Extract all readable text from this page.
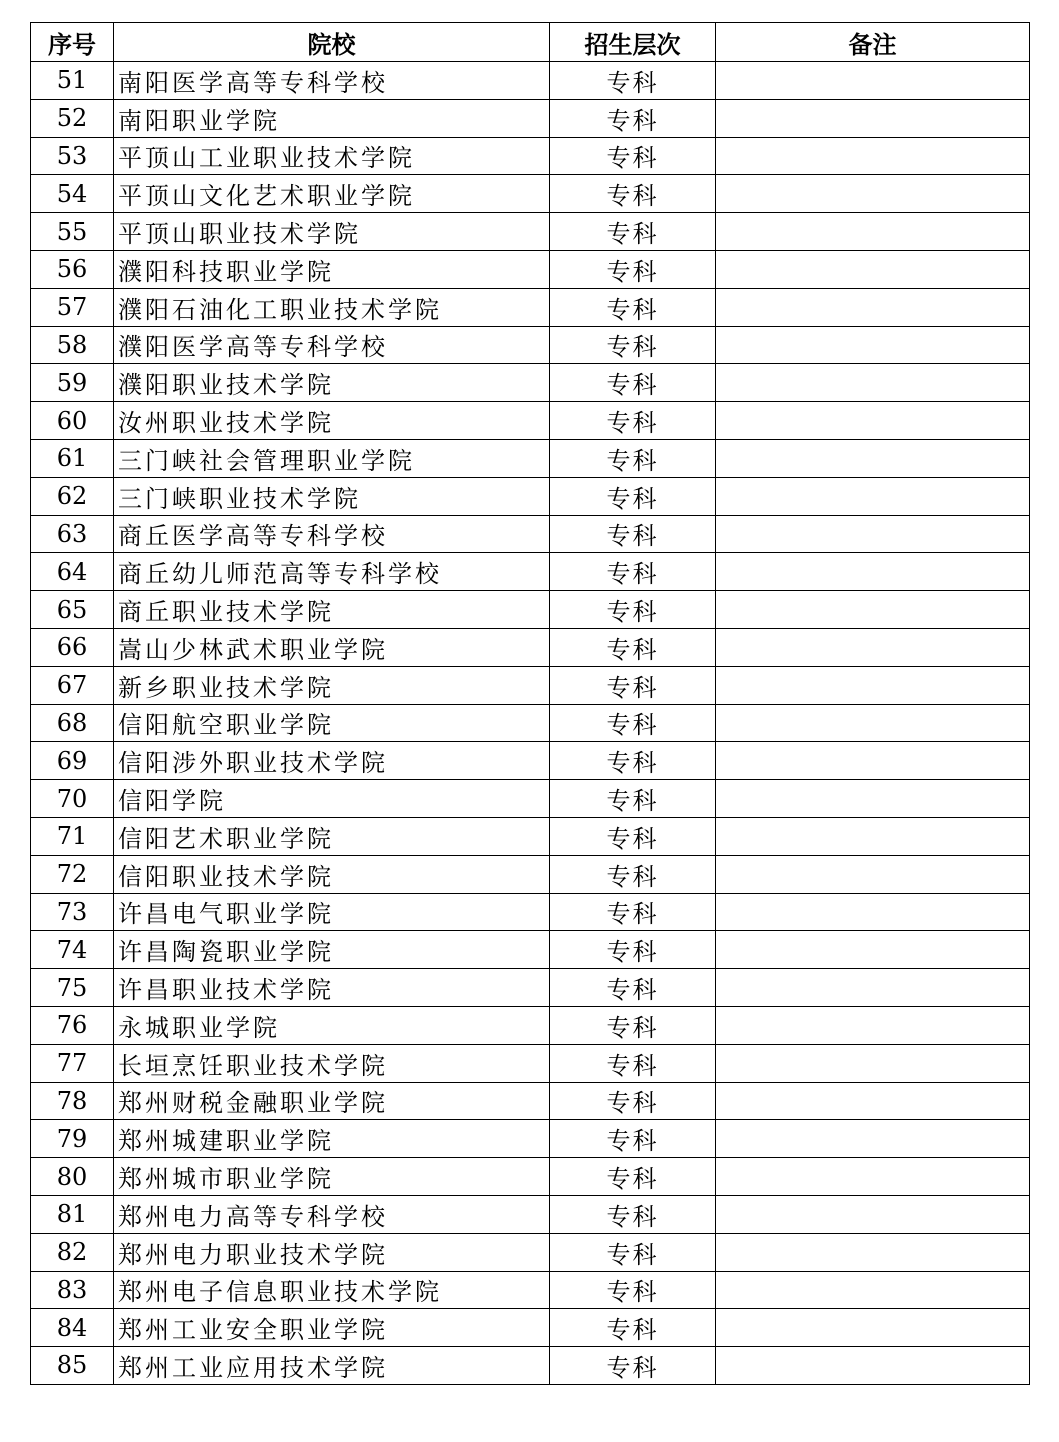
序号	院校	招生层次	备注
51	南阳医学高等专科学校	专科	
52	南阳职业学院	专科	
53	平顶山工业职业技术学院	专科	
54	平顶山文化艺术职业学院	专科	
55	平顶山职业技术学院	专科	
56	濮阳科技职业学院	专科	
57	濮阳石油化工职业技术学院	专科	
58	濮阳医学高等专科学校	专科	
59	濮阳职业技术学院	专科	
60	汝州职业技术学院	专科	
61	三门峡社会管理职业学院	专科	
62	三门峡职业技术学院	专科	
63	商丘医学高等专科学校	专科	
64	商丘幼儿师范高等专科学校	专科	
65	商丘职业技术学院	专科	
66	嵩山少林武术职业学院	专科	
67	新乡职业技术学院	专科	
68	信阳航空职业学院	专科	
69	信阳涉外职业技术学院	专科	
70	信阳学院	专科	
71	信阳艺术职业学院	专科	
72	信阳职业技术学院	专科	
73	许昌电气职业学院	专科	
74	许昌陶瓷职业学院	专科	
75	许昌职业技术学院	专科	
76	永城职业学院	专科	
77	长垣烹饪职业技术学院	专科	
78	郑州财税金融职业学院	专科	
79	郑州城建职业学院	专科	
80	郑州城市职业学院	专科	
81	郑州电力高等专科学校	专科	
82	郑州电力职业技术学院	专科	
83	郑州电子信息职业技术学院	专科	
84	郑州工业安全职业学院	专科	
85	郑州工业应用技术学院	专科	
